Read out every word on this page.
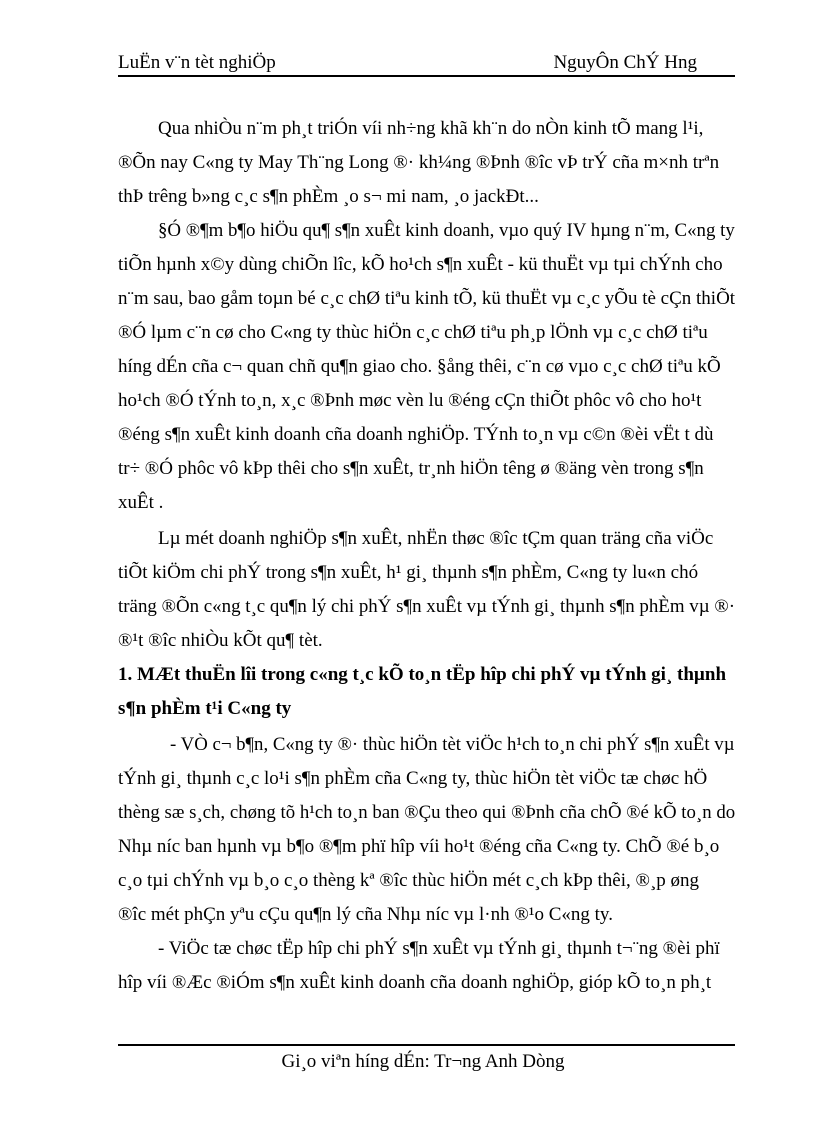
LuËn v¨n tèt nghiÖp	NguyÔn ChÝ Hng
Qua nhiÒu n¨m ph¸t triÓn víi nh÷ng khã kh¨n do nÒn kinh tÕ mang l¹i,
®Õn nay C«ng ty May Th¨ng Long ®· kh¼ng ®Þnh ®îc vÞ trÝ cña m×nh trªn
thÞ trêng b»ng c¸c s¶n phÈm ¸o s¬ mi nam, ¸o jackÐt...
§Ó ®¶m b¶o hiÖu qu¶ s¶n xuÊt kinh doanh, vµo quý IV hµng n¨m, C«ng ty
tiÕn hµnh x©y dùng chiÕn lîc, kÕ ho¹ch s¶n xuÊt - kü thuËt vµ tµi chÝnh cho
n¨m sau, bao gåm toµn bé c¸c chØ tiªu kinh tÕ, kü thuËt vµ c¸c yÕu tè cÇn thiÕt
®Ó lµm c¨n cø cho C«ng ty thùc hiÖn c¸c chØ tiªu ph¸p lÖnh vµ c¸c chØ tiªu
híng dÉn cña c¬ quan chñ qu¶n giao cho. §ång thêi, c¨n cø vµo c¸c chØ tiªu kÕ
ho¹ch ®Ó tÝnh to¸n, x¸c ®Þnh møc vèn lu ®éng cÇn thiÕt phôc vô cho ho¹t
®éng s¶n xuÊt kinh doanh cña doanh nghiÖp. TÝnh to¸n vµ c©n ®èi vËt t dù
tr÷ ®Ó phôc vô kÞp thêi cho s¶n xuÊt, tr¸nh hiÖn têng ø ®äng vèn trong s¶n
xuÊt .
Lµ mét doanh nghiÖp s¶n xuÊt, nhËn thøc ®îc tÇm quan träng cña viÖc
tiÕt kiÖm chi phÝ trong s¶n xuÊt, h¹ gi¸ thµnh s¶n phÈm, C«ng ty lu«n chó
träng ®Õn c«ng t¸c qu¶n lý chi phÝ s¶n xuÊt vµ tÝnh gi¸ thµnh s¶n phÈm vµ ®·
®¹t ®îc nhiÒu kÕt qu¶ tèt.
1. MÆt thuËn lîi trong c«ng t¸c kÕ to¸n tËp hîp chi phÝ vµ tÝnh gi¸ thµnh
s¶n phÈm t¹i C«ng ty
- VÒ c¬ b¶n, C«ng ty ®· thùc hiÖn tèt viÖc h¹ch to¸n chi phÝ s¶n xuÊt vµ
tÝnh gi¸ thµnh c¸c lo¹i s¶n phÈm cña C«ng ty, thùc hiÖn tèt viÖc tæ chøc hÖ
thèng sæ s¸ch, chøng tõ h¹ch to¸n ban ®Çu theo qui ®Þnh cña chÕ ®é kÕ to¸n do
Nhµ níc ban hµnh vµ b¶o ®¶m phï hîp víi ho¹t ®éng cña C«ng ty. ChÕ ®é b¸o
c¸o tµi chÝnh vµ b¸o c¸o thèng kª ®îc thùc hiÖn mét c¸ch kÞp thêi, ®¸p øng
®îc mét phÇn yªu cÇu qu¶n lý cña Nhµ níc vµ l·nh ®¹o C«ng ty.
- ViÖc tæ chøc tËp hîp chi phÝ s¶n xuÊt vµ tÝnh gi¸ thµnh t¬¨ng ®èi phï
hîp víi ®Æc ®iÓm s¶n xuÊt kinh doanh cña doanh nghiÖp, gióp kÕ to¸n ph¸t
Gi¸o viªn híng dÉn: Tr¬ng Anh Dòng
